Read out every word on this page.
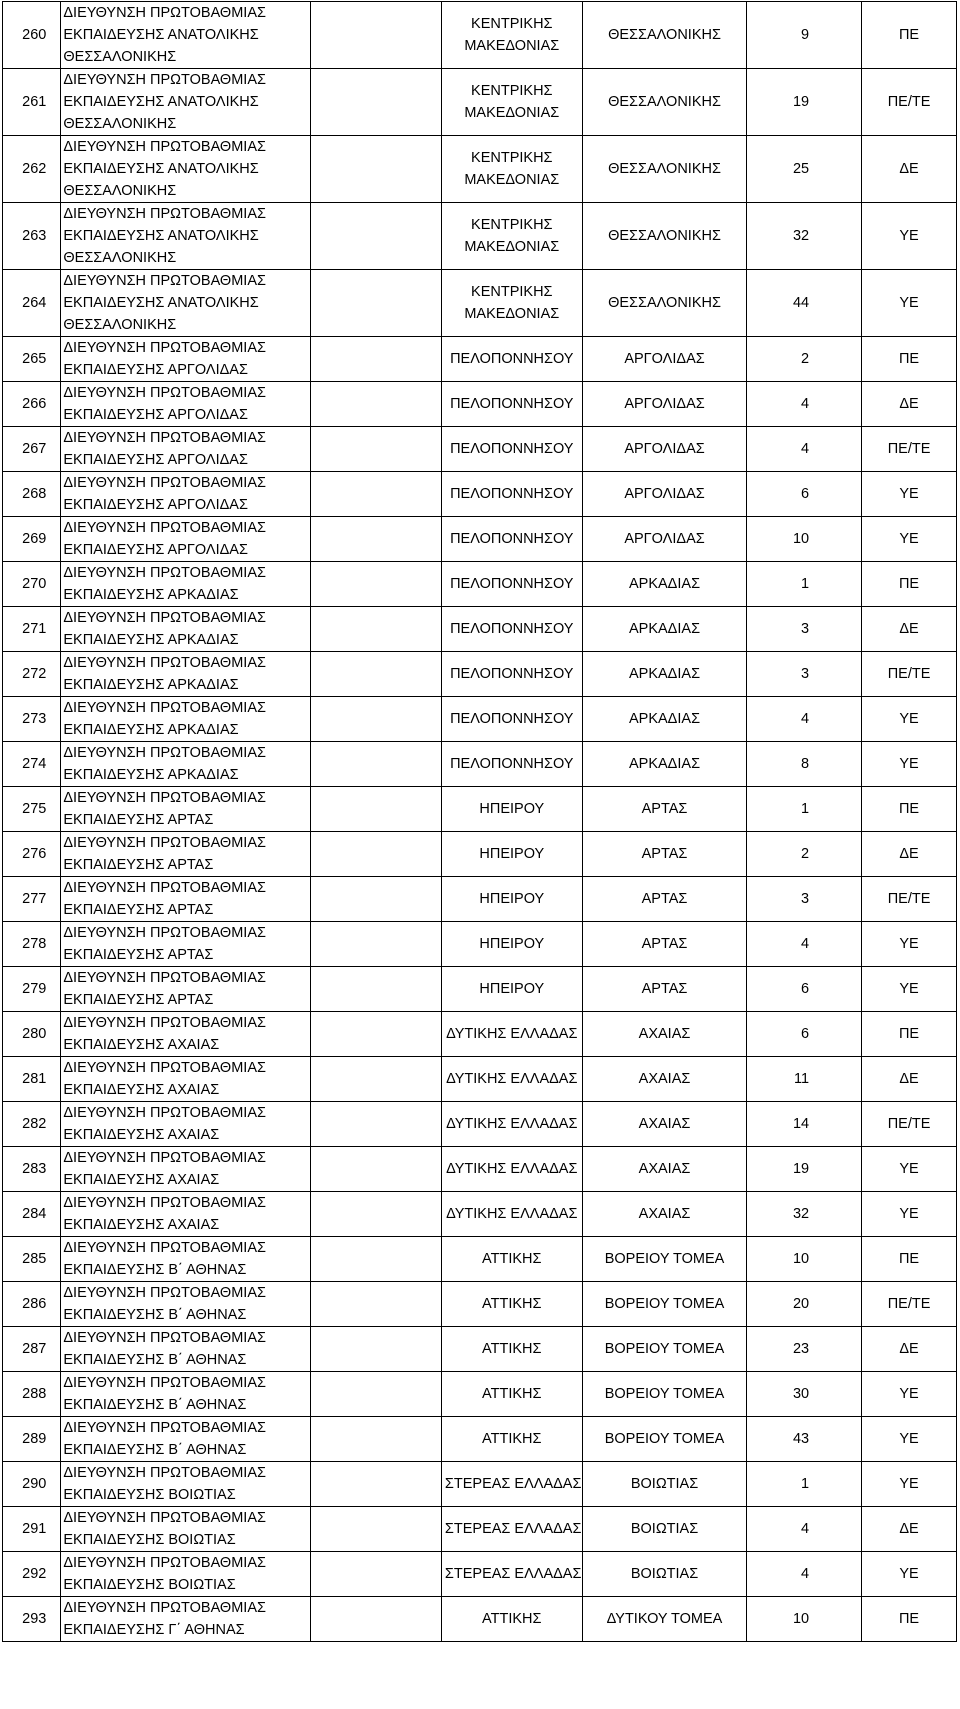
260	ΔΙΕΥΘΥΝΣΗ ΠΡΩΤΟΒΑΘΜΙΑΣ
ΕΚΠΑΙΔΕΥΣΗΣ ΑΝΑΤΟΛΙΚΗΣ
ΘΕΣΣΑΛΟΝΙΚΗΣ		ΚΕΝΤΡΙΚΗΣ
ΜΑΚΕΔΟΝΙΑΣ	ΘΕΣΣΑΛΟΝΙΚΗΣ	9	ΠΕ
261	ΔΙΕΥΘΥΝΣΗ ΠΡΩΤΟΒΑΘΜΙΑΣ
ΕΚΠΑΙΔΕΥΣΗΣ ΑΝΑΤΟΛΙΚΗΣ
ΘΕΣΣΑΛΟΝΙΚΗΣ		ΚΕΝΤΡΙΚΗΣ
ΜΑΚΕΔΟΝΙΑΣ	ΘΕΣΣΑΛΟΝΙΚΗΣ	19	ΠΕ/ΤΕ
262	ΔΙΕΥΘΥΝΣΗ ΠΡΩΤΟΒΑΘΜΙΑΣ
ΕΚΠΑΙΔΕΥΣΗΣ ΑΝΑΤΟΛΙΚΗΣ
ΘΕΣΣΑΛΟΝΙΚΗΣ		ΚΕΝΤΡΙΚΗΣ
ΜΑΚΕΔΟΝΙΑΣ	ΘΕΣΣΑΛΟΝΙΚΗΣ	25	ΔΕ
263	ΔΙΕΥΘΥΝΣΗ ΠΡΩΤΟΒΑΘΜΙΑΣ
ΕΚΠΑΙΔΕΥΣΗΣ ΑΝΑΤΟΛΙΚΗΣ
ΘΕΣΣΑΛΟΝΙΚΗΣ		ΚΕΝΤΡΙΚΗΣ
ΜΑΚΕΔΟΝΙΑΣ	ΘΕΣΣΑΛΟΝΙΚΗΣ	32	ΥΕ
264	ΔΙΕΥΘΥΝΣΗ ΠΡΩΤΟΒΑΘΜΙΑΣ
ΕΚΠΑΙΔΕΥΣΗΣ ΑΝΑΤΟΛΙΚΗΣ
ΘΕΣΣΑΛΟΝΙΚΗΣ		ΚΕΝΤΡΙΚΗΣ
ΜΑΚΕΔΟΝΙΑΣ	ΘΕΣΣΑΛΟΝΙΚΗΣ	44	ΥΕ
265	ΔΙΕΥΘΥΝΣΗ ΠΡΩΤΟΒΑΘΜΙΑΣ
ΕΚΠΑΙΔΕΥΣΗΣ ΑΡΓΟΛΙΔΑΣ		ΠΕΛΟΠΟΝΝΗΣΟΥ	ΑΡΓΟΛΙΔΑΣ	2	ΠΕ
266	ΔΙΕΥΘΥΝΣΗ ΠΡΩΤΟΒΑΘΜΙΑΣ
ΕΚΠΑΙΔΕΥΣΗΣ ΑΡΓΟΛΙΔΑΣ		ΠΕΛΟΠΟΝΝΗΣΟΥ	ΑΡΓΟΛΙΔΑΣ	4	ΔΕ
267	ΔΙΕΥΘΥΝΣΗ ΠΡΩΤΟΒΑΘΜΙΑΣ
ΕΚΠΑΙΔΕΥΣΗΣ ΑΡΓΟΛΙΔΑΣ		ΠΕΛΟΠΟΝΝΗΣΟΥ	ΑΡΓΟΛΙΔΑΣ	4	ΠΕ/ΤΕ
268	ΔΙΕΥΘΥΝΣΗ ΠΡΩΤΟΒΑΘΜΙΑΣ
ΕΚΠΑΙΔΕΥΣΗΣ ΑΡΓΟΛΙΔΑΣ		ΠΕΛΟΠΟΝΝΗΣΟΥ	ΑΡΓΟΛΙΔΑΣ	6	ΥΕ
269	ΔΙΕΥΘΥΝΣΗ ΠΡΩΤΟΒΑΘΜΙΑΣ
ΕΚΠΑΙΔΕΥΣΗΣ ΑΡΓΟΛΙΔΑΣ		ΠΕΛΟΠΟΝΝΗΣΟΥ	ΑΡΓΟΛΙΔΑΣ	10	ΥΕ
270	ΔΙΕΥΘΥΝΣΗ ΠΡΩΤΟΒΑΘΜΙΑΣ
ΕΚΠΑΙΔΕΥΣΗΣ ΑΡΚΑΔΙΑΣ		ΠΕΛΟΠΟΝΝΗΣΟΥ	ΑΡΚΑΔΙΑΣ	1	ΠΕ
271	ΔΙΕΥΘΥΝΣΗ ΠΡΩΤΟΒΑΘΜΙΑΣ
ΕΚΠΑΙΔΕΥΣΗΣ ΑΡΚΑΔΙΑΣ		ΠΕΛΟΠΟΝΝΗΣΟΥ	ΑΡΚΑΔΙΑΣ	3	ΔΕ
272	ΔΙΕΥΘΥΝΣΗ ΠΡΩΤΟΒΑΘΜΙΑΣ
ΕΚΠΑΙΔΕΥΣΗΣ ΑΡΚΑΔΙΑΣ		ΠΕΛΟΠΟΝΝΗΣΟΥ	ΑΡΚΑΔΙΑΣ	3	ΠΕ/ΤΕ
273	ΔΙΕΥΘΥΝΣΗ ΠΡΩΤΟΒΑΘΜΙΑΣ
ΕΚΠΑΙΔΕΥΣΗΣ ΑΡΚΑΔΙΑΣ		ΠΕΛΟΠΟΝΝΗΣΟΥ	ΑΡΚΑΔΙΑΣ	4	ΥΕ
274	ΔΙΕΥΘΥΝΣΗ ΠΡΩΤΟΒΑΘΜΙΑΣ
ΕΚΠΑΙΔΕΥΣΗΣ ΑΡΚΑΔΙΑΣ		ΠΕΛΟΠΟΝΝΗΣΟΥ	ΑΡΚΑΔΙΑΣ	8	ΥΕ
275	ΔΙΕΥΘΥΝΣΗ ΠΡΩΤΟΒΑΘΜΙΑΣ
ΕΚΠΑΙΔΕΥΣΗΣ ΑΡΤΑΣ		ΗΠΕΙΡΟΥ	ΑΡΤΑΣ	1	ΠΕ
276	ΔΙΕΥΘΥΝΣΗ ΠΡΩΤΟΒΑΘΜΙΑΣ
ΕΚΠΑΙΔΕΥΣΗΣ ΑΡΤΑΣ		ΗΠΕΙΡΟΥ	ΑΡΤΑΣ	2	ΔΕ
277	ΔΙΕΥΘΥΝΣΗ ΠΡΩΤΟΒΑΘΜΙΑΣ
ΕΚΠΑΙΔΕΥΣΗΣ ΑΡΤΑΣ		ΗΠΕΙΡΟΥ	ΑΡΤΑΣ	3	ΠΕ/ΤΕ
278	ΔΙΕΥΘΥΝΣΗ ΠΡΩΤΟΒΑΘΜΙΑΣ
ΕΚΠΑΙΔΕΥΣΗΣ ΑΡΤΑΣ		ΗΠΕΙΡΟΥ	ΑΡΤΑΣ	4	ΥΕ
279	ΔΙΕΥΘΥΝΣΗ ΠΡΩΤΟΒΑΘΜΙΑΣ
ΕΚΠΑΙΔΕΥΣΗΣ ΑΡΤΑΣ		ΗΠΕΙΡΟΥ	ΑΡΤΑΣ	6	ΥΕ
280	ΔΙΕΥΘΥΝΣΗ ΠΡΩΤΟΒΑΘΜΙΑΣ
ΕΚΠΑΙΔΕΥΣΗΣ ΑΧΑΙΑΣ		ΔΥΤΙΚΗΣ ΕΛΛΑΔΑΣ	ΑΧΑΙΑΣ	6	ΠΕ
281	ΔΙΕΥΘΥΝΣΗ ΠΡΩΤΟΒΑΘΜΙΑΣ
ΕΚΠΑΙΔΕΥΣΗΣ ΑΧΑΙΑΣ		ΔΥΤΙΚΗΣ ΕΛΛΑΔΑΣ	ΑΧΑΙΑΣ	11	ΔΕ
282	ΔΙΕΥΘΥΝΣΗ ΠΡΩΤΟΒΑΘΜΙΑΣ
ΕΚΠΑΙΔΕΥΣΗΣ ΑΧΑΙΑΣ		ΔΥΤΙΚΗΣ ΕΛΛΑΔΑΣ	ΑΧΑΙΑΣ	14	ΠΕ/ΤΕ
283	ΔΙΕΥΘΥΝΣΗ ΠΡΩΤΟΒΑΘΜΙΑΣ
ΕΚΠΑΙΔΕΥΣΗΣ ΑΧΑΙΑΣ		ΔΥΤΙΚΗΣ ΕΛΛΑΔΑΣ	ΑΧΑΙΑΣ	19	ΥΕ
284	ΔΙΕΥΘΥΝΣΗ ΠΡΩΤΟΒΑΘΜΙΑΣ
ΕΚΠΑΙΔΕΥΣΗΣ ΑΧΑΙΑΣ		ΔΥΤΙΚΗΣ ΕΛΛΑΔΑΣ	ΑΧΑΙΑΣ	32	ΥΕ
285	ΔΙΕΥΘΥΝΣΗ ΠΡΩΤΟΒΑΘΜΙΑΣ
ΕΚΠΑΙΔΕΥΣΗΣ Β΄ ΑΘΗΝΑΣ		ΑΤΤΙΚΗΣ	ΒΟΡΕΙΟΥ ΤΟΜΕΑ	10	ΠΕ
286	ΔΙΕΥΘΥΝΣΗ ΠΡΩΤΟΒΑΘΜΙΑΣ
ΕΚΠΑΙΔΕΥΣΗΣ Β΄ ΑΘΗΝΑΣ		ΑΤΤΙΚΗΣ	ΒΟΡΕΙΟΥ ΤΟΜΕΑ	20	ΠΕ/ΤΕ
287	ΔΙΕΥΘΥΝΣΗ ΠΡΩΤΟΒΑΘΜΙΑΣ
ΕΚΠΑΙΔΕΥΣΗΣ Β΄ ΑΘΗΝΑΣ		ΑΤΤΙΚΗΣ	ΒΟΡΕΙΟΥ ΤΟΜΕΑ	23	ΔΕ
288	ΔΙΕΥΘΥΝΣΗ ΠΡΩΤΟΒΑΘΜΙΑΣ
ΕΚΠΑΙΔΕΥΣΗΣ Β΄ ΑΘΗΝΑΣ		ΑΤΤΙΚΗΣ	ΒΟΡΕΙΟΥ ΤΟΜΕΑ	30	ΥΕ
289	ΔΙΕΥΘΥΝΣΗ ΠΡΩΤΟΒΑΘΜΙΑΣ
ΕΚΠΑΙΔΕΥΣΗΣ Β΄ ΑΘΗΝΑΣ		ΑΤΤΙΚΗΣ	ΒΟΡΕΙΟΥ ΤΟΜΕΑ	43	ΥΕ
290	ΔΙΕΥΘΥΝΣΗ ΠΡΩΤΟΒΑΘΜΙΑΣ
ΕΚΠΑΙΔΕΥΣΗΣ ΒΟΙΩΤΙΑΣ		ΣΤΕΡΕΑΣ ΕΛΛΑΔΑΣ	ΒΟΙΩΤΙΑΣ	1	ΥΕ
291	ΔΙΕΥΘΥΝΣΗ ΠΡΩΤΟΒΑΘΜΙΑΣ
ΕΚΠΑΙΔΕΥΣΗΣ ΒΟΙΩΤΙΑΣ		ΣΤΕΡΕΑΣ ΕΛΛΑΔΑΣ	ΒΟΙΩΤΙΑΣ	4	ΔΕ
292	ΔΙΕΥΘΥΝΣΗ ΠΡΩΤΟΒΑΘΜΙΑΣ
ΕΚΠΑΙΔΕΥΣΗΣ ΒΟΙΩΤΙΑΣ		ΣΤΕΡΕΑΣ ΕΛΛΑΔΑΣ	ΒΟΙΩΤΙΑΣ	4	ΥΕ
293	ΔΙΕΥΘΥΝΣΗ ΠΡΩΤΟΒΑΘΜΙΑΣ
ΕΚΠΑΙΔΕΥΣΗΣ Γ΄ ΑΘΗΝΑΣ		ΑΤΤΙΚΗΣ	ΔΥΤΙΚΟΥ ΤΟΜΕΑ	10	ΠΕ
